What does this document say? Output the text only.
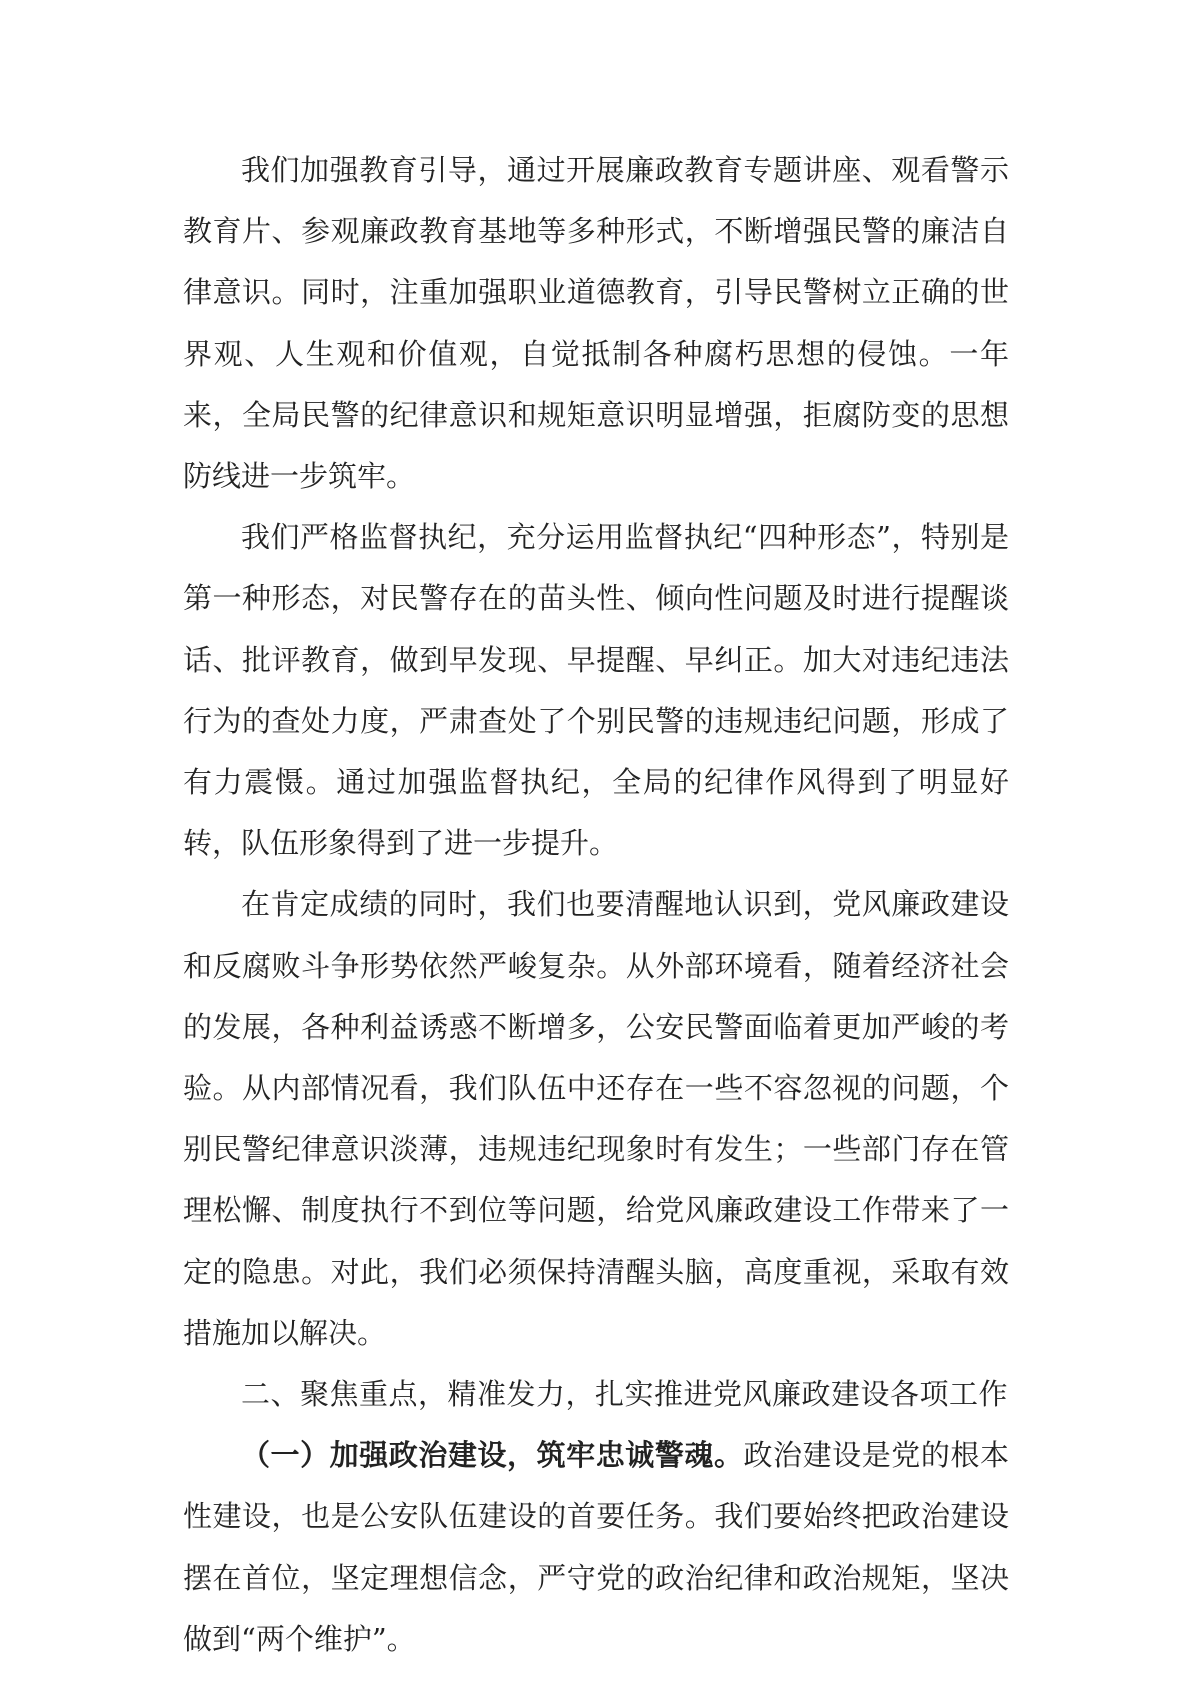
我们加强教育引导，通过开展廉政教育专题讲座、观看警示教育片、参观廉政教育基地等多种形式，不断增强民警的廉洁自律意识。同时，注重加强职业道德教育，引导民警树立正确的世界观、人生观和价值观，自觉抵制各种腐朽思想的侵蚀。一年来，全局民警的纪律意识和规矩意识明显增强，拒腐防变的思想防线进一步筑牢。

我们严格监督执纪，充分运用监督执纪“四种形态”，特别是第一种形态，对民警存在的苗头性、倾向性问题及时进行提醒谈话、批评教育，做到早发现、早提醒、早纠正。加大对违纪违法行为的查处力度，严肃查处了个别民警的违规违纪问题，形成了有力震慑。通过加强监督执纪，全局的纪律作风得到了明显好转，队伍形象得到了进一步提升。

在肯定成绩的同时，我们也要清醒地认识到，党风廉政建设和反腐败斗争形势依然严峻复杂。从外部环境看，随着经济社会的发展，各种利益诱惑不断增多，公安民警面临着更加严峻的考验。从内部情况看，我们队伍中还存在一些不容忽视的问题，个别民警纪律意识淡薄，违规违纪现象时有发生；一些部门存在管理松懈、制度执行不到位等问题，给党风廉政建设工作带来了一定的隐患。对此，我们必须保持清醒头脑，高度重视，采取有效措施加以解决。

二、聚焦重点，精准发力，扎实推进党风廉政建设各项工作

（一）加强政治建设，筑牢忠诚警魂。政治建设是党的根本性建设，也是公安队伍建设的首要任务。我们要始终把政治建设摆在首位，坚定理想信念，严守党的政治纪律和政治规矩，坚决做到“两个维护”。
